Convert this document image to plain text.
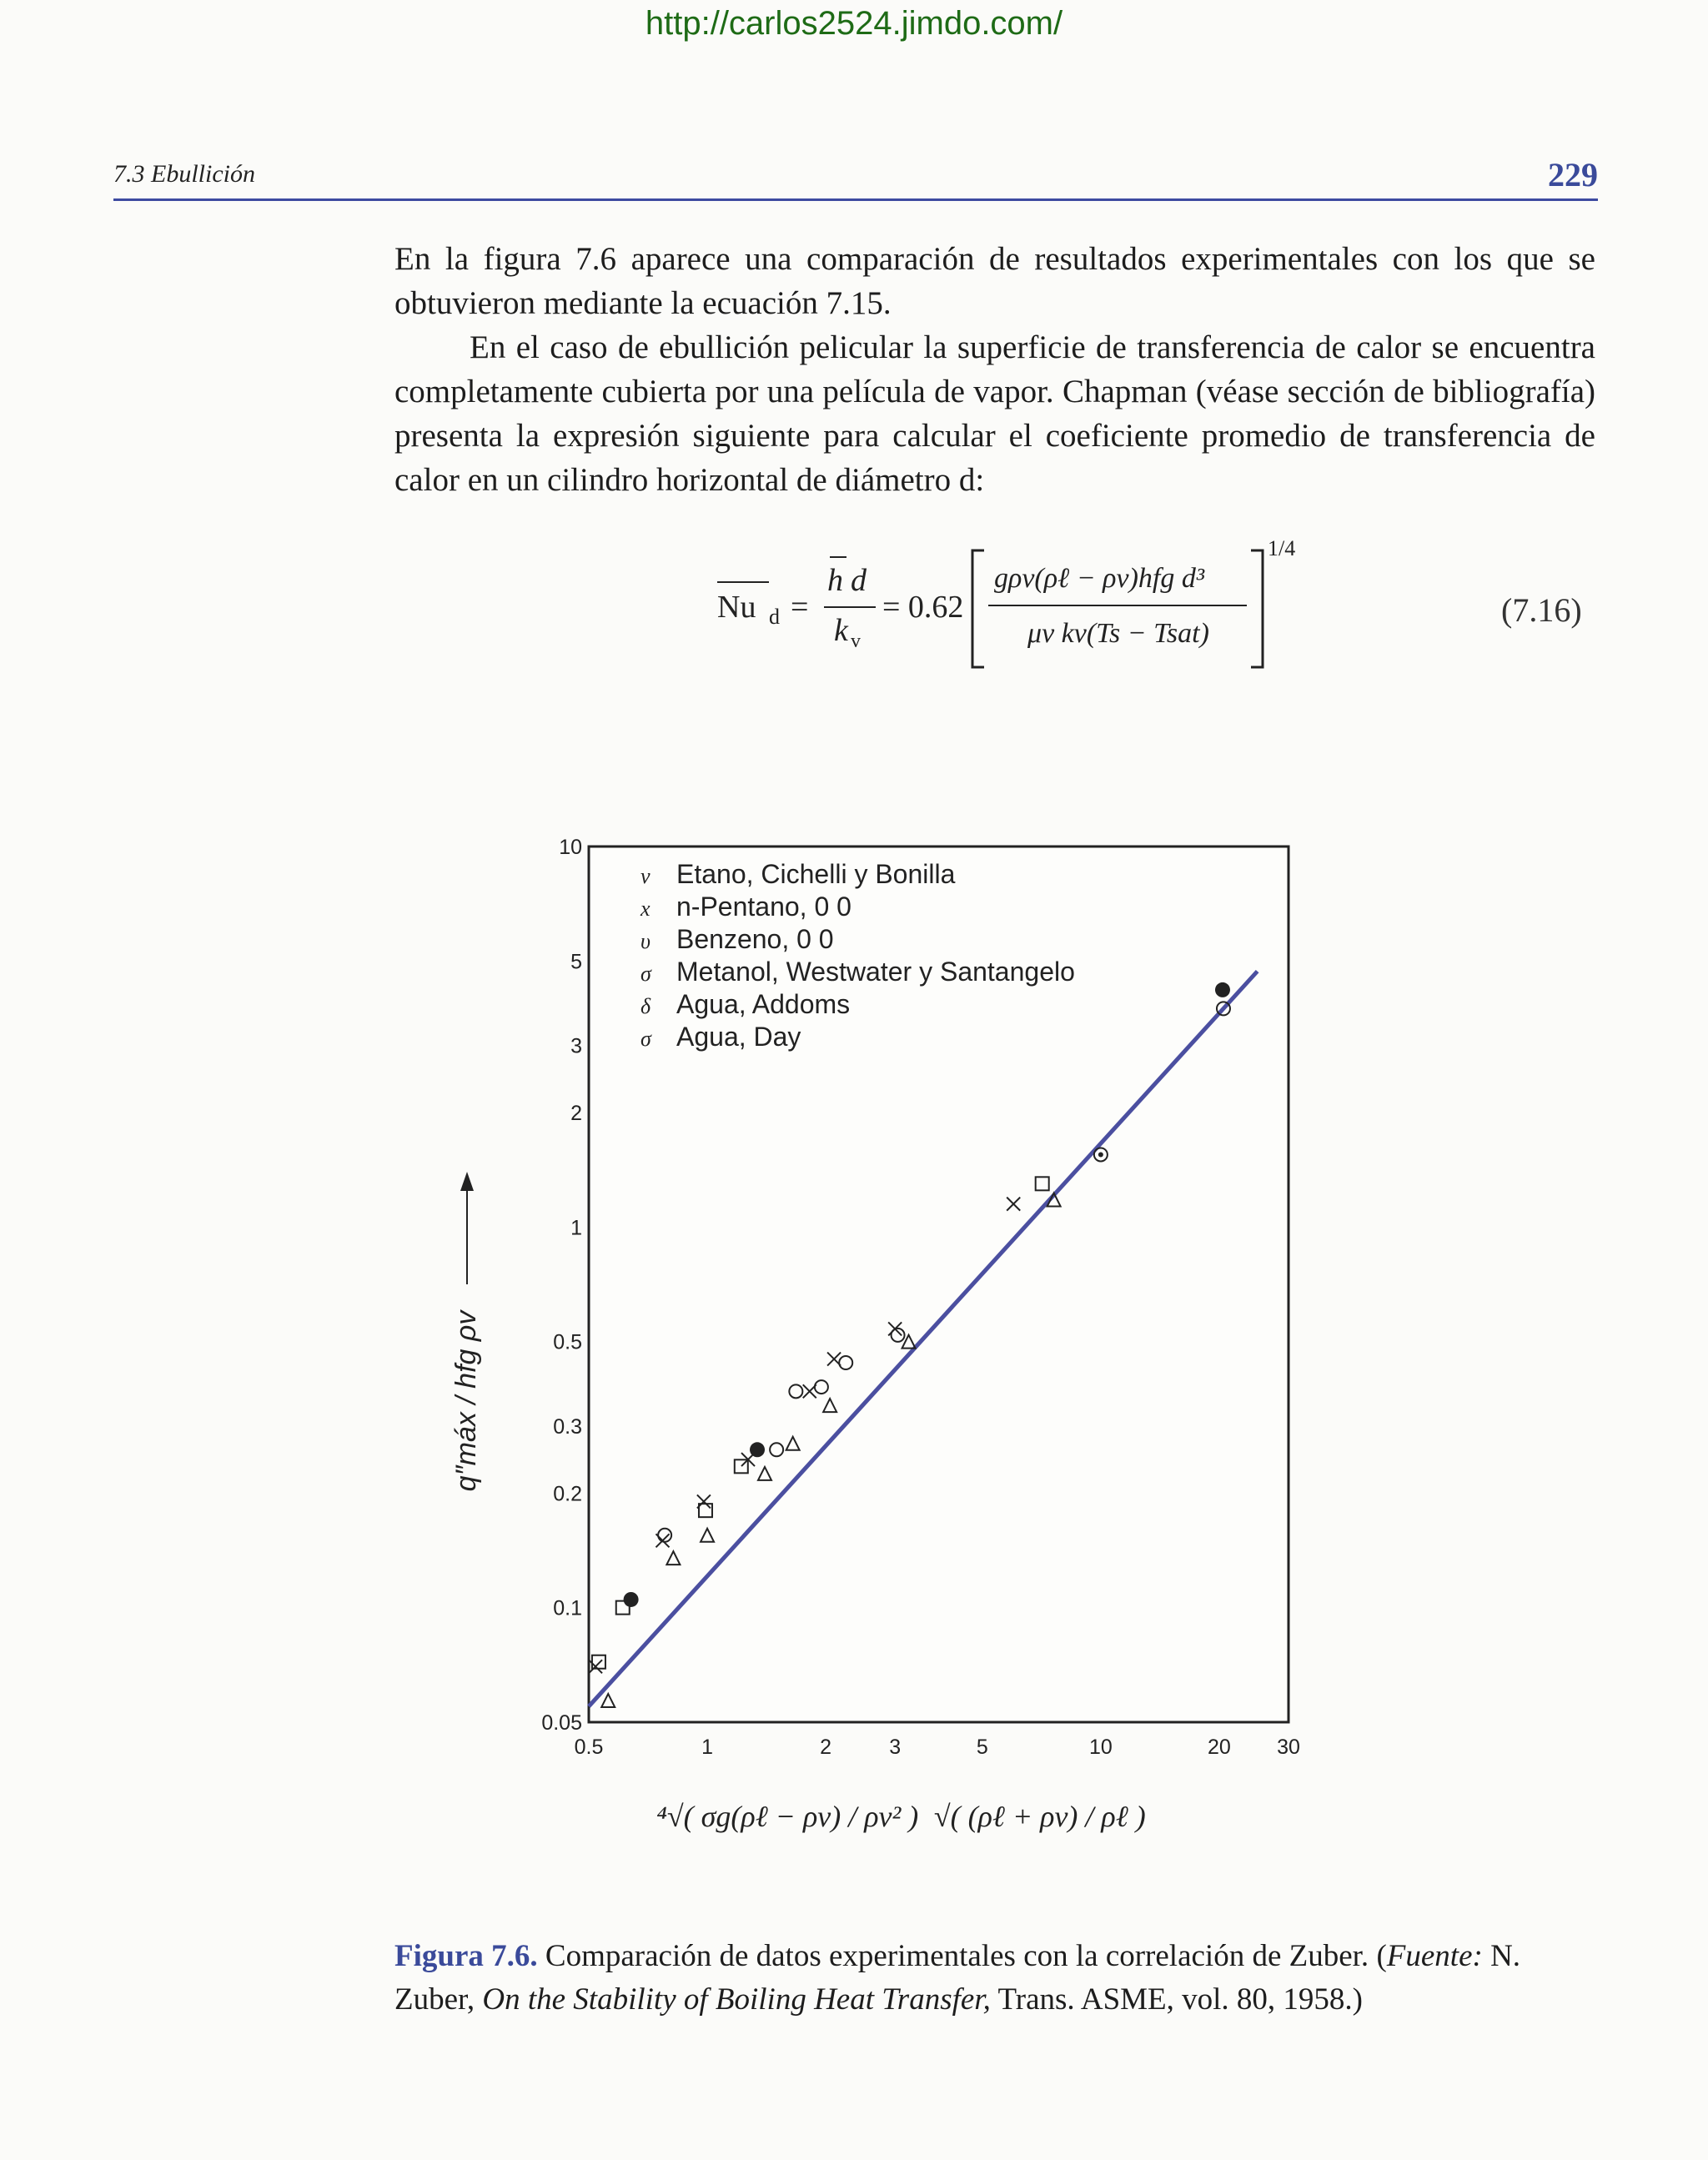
http://carlos2524.jimdo.com/
7.3 Ebullición	229
En la figura 7.6 aparece una comparación de resultados experimentales con los que se obtuvieron mediante la ecuación 7.15.
En el caso de ebullición pelicular la superficie de transferencia de calor se encuentra completamente cubierta por una película de vapor. Chapman (véase sección de bibliografía) presenta la expresión siguiente para calcular el coeficiente promedio de transferencia de calor en un cilindro horizontal de diámetro d:
Nu d =
h d
k v
= 0.62
gρv(ρℓ − ρv)hfg d³
μv kv(Ts − Tsat)
1/4
(7.16)
ν Etano, Cichelli y Bonilla
x n-Pentano, 0 0
υ Benzeno, 0 0
σ Metanol, Westwater y Santangelo
δ Agua, Addoms
σ Agua, Day
0.05
0.1
0.2
0.3
0.5
1
2
3
5
10
0.5	1	2	3	5	10	20 30
q″máx / hfg ρv
⁴√( σg(ρℓ − ρv) / ρv² ) √( (ρℓ + ρv) / ρℓ )
Figura 7.6. Comparación de datos experimentales con la correlación de Zuber. (Fuente: N. Zuber, On the Stability of Boiling Heat Transfer, Trans. ASME, vol. 80, 1958.)
